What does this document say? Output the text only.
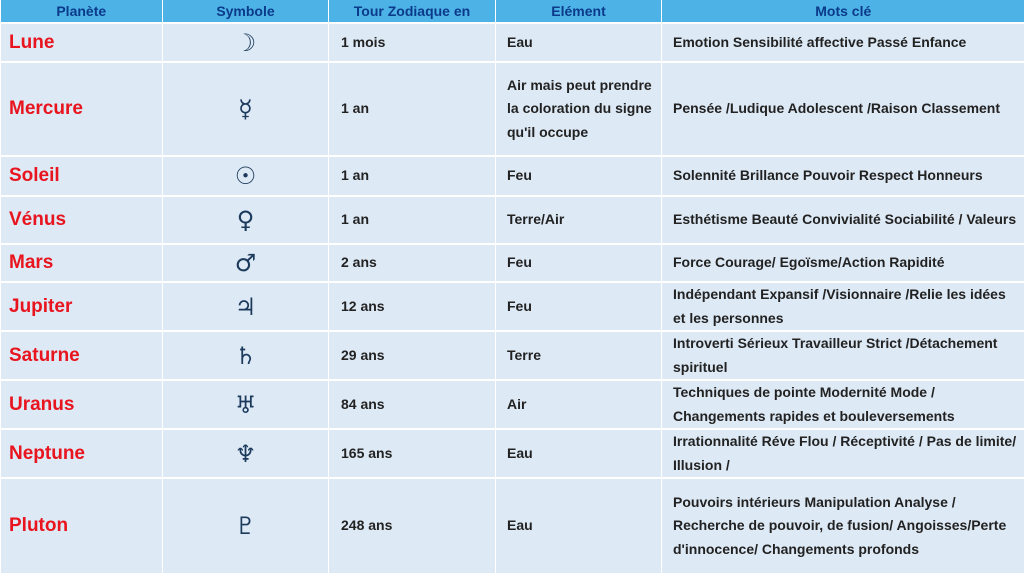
Planète	Symbole	Tour Zodiaque en	Elément	Mots clé
Lune	☽	1 mois	Eau	Emotion Sensibilité affective Passé Enfance
Mercure	☿	1 an	Air mais peut prendre la coloration du signe qu'il occupe	Pensée /Ludique Adolescent /Raison Classement
Soleil	☉	1 an	Feu	Solennité Brillance Pouvoir Respect Honneurs
Vénus	♀	1 an	Terre/Air	Esthétisme Beauté Convivialité Sociabilité / Valeurs
Mars	♂	2 ans	Feu	Force Courage/ Egoïsme/Action Rapidité
Jupiter	♃	12 ans	Feu	Indépendant Expansif /Visionnaire /Relie les idées et les personnes
Saturne	♄	29 ans	Terre	Introverti Sérieux Travailleur Strict /Détachement spirituel
Uranus	♅	84 ans	Air	Techniques de pointe Modernité Mode / Changements rapides et bouleversements
Neptune	♆	165 ans	Eau	Irrationnalité Réve Flou / Réceptivité / Pas de limite/ Illusion /
Pluton	♇	248 ans	Eau	Pouvoirs intérieurs Manipulation Analyse / Recherche de pouvoir, de fusion/ Angoisses/Perte d'innocence/ Changements profonds
